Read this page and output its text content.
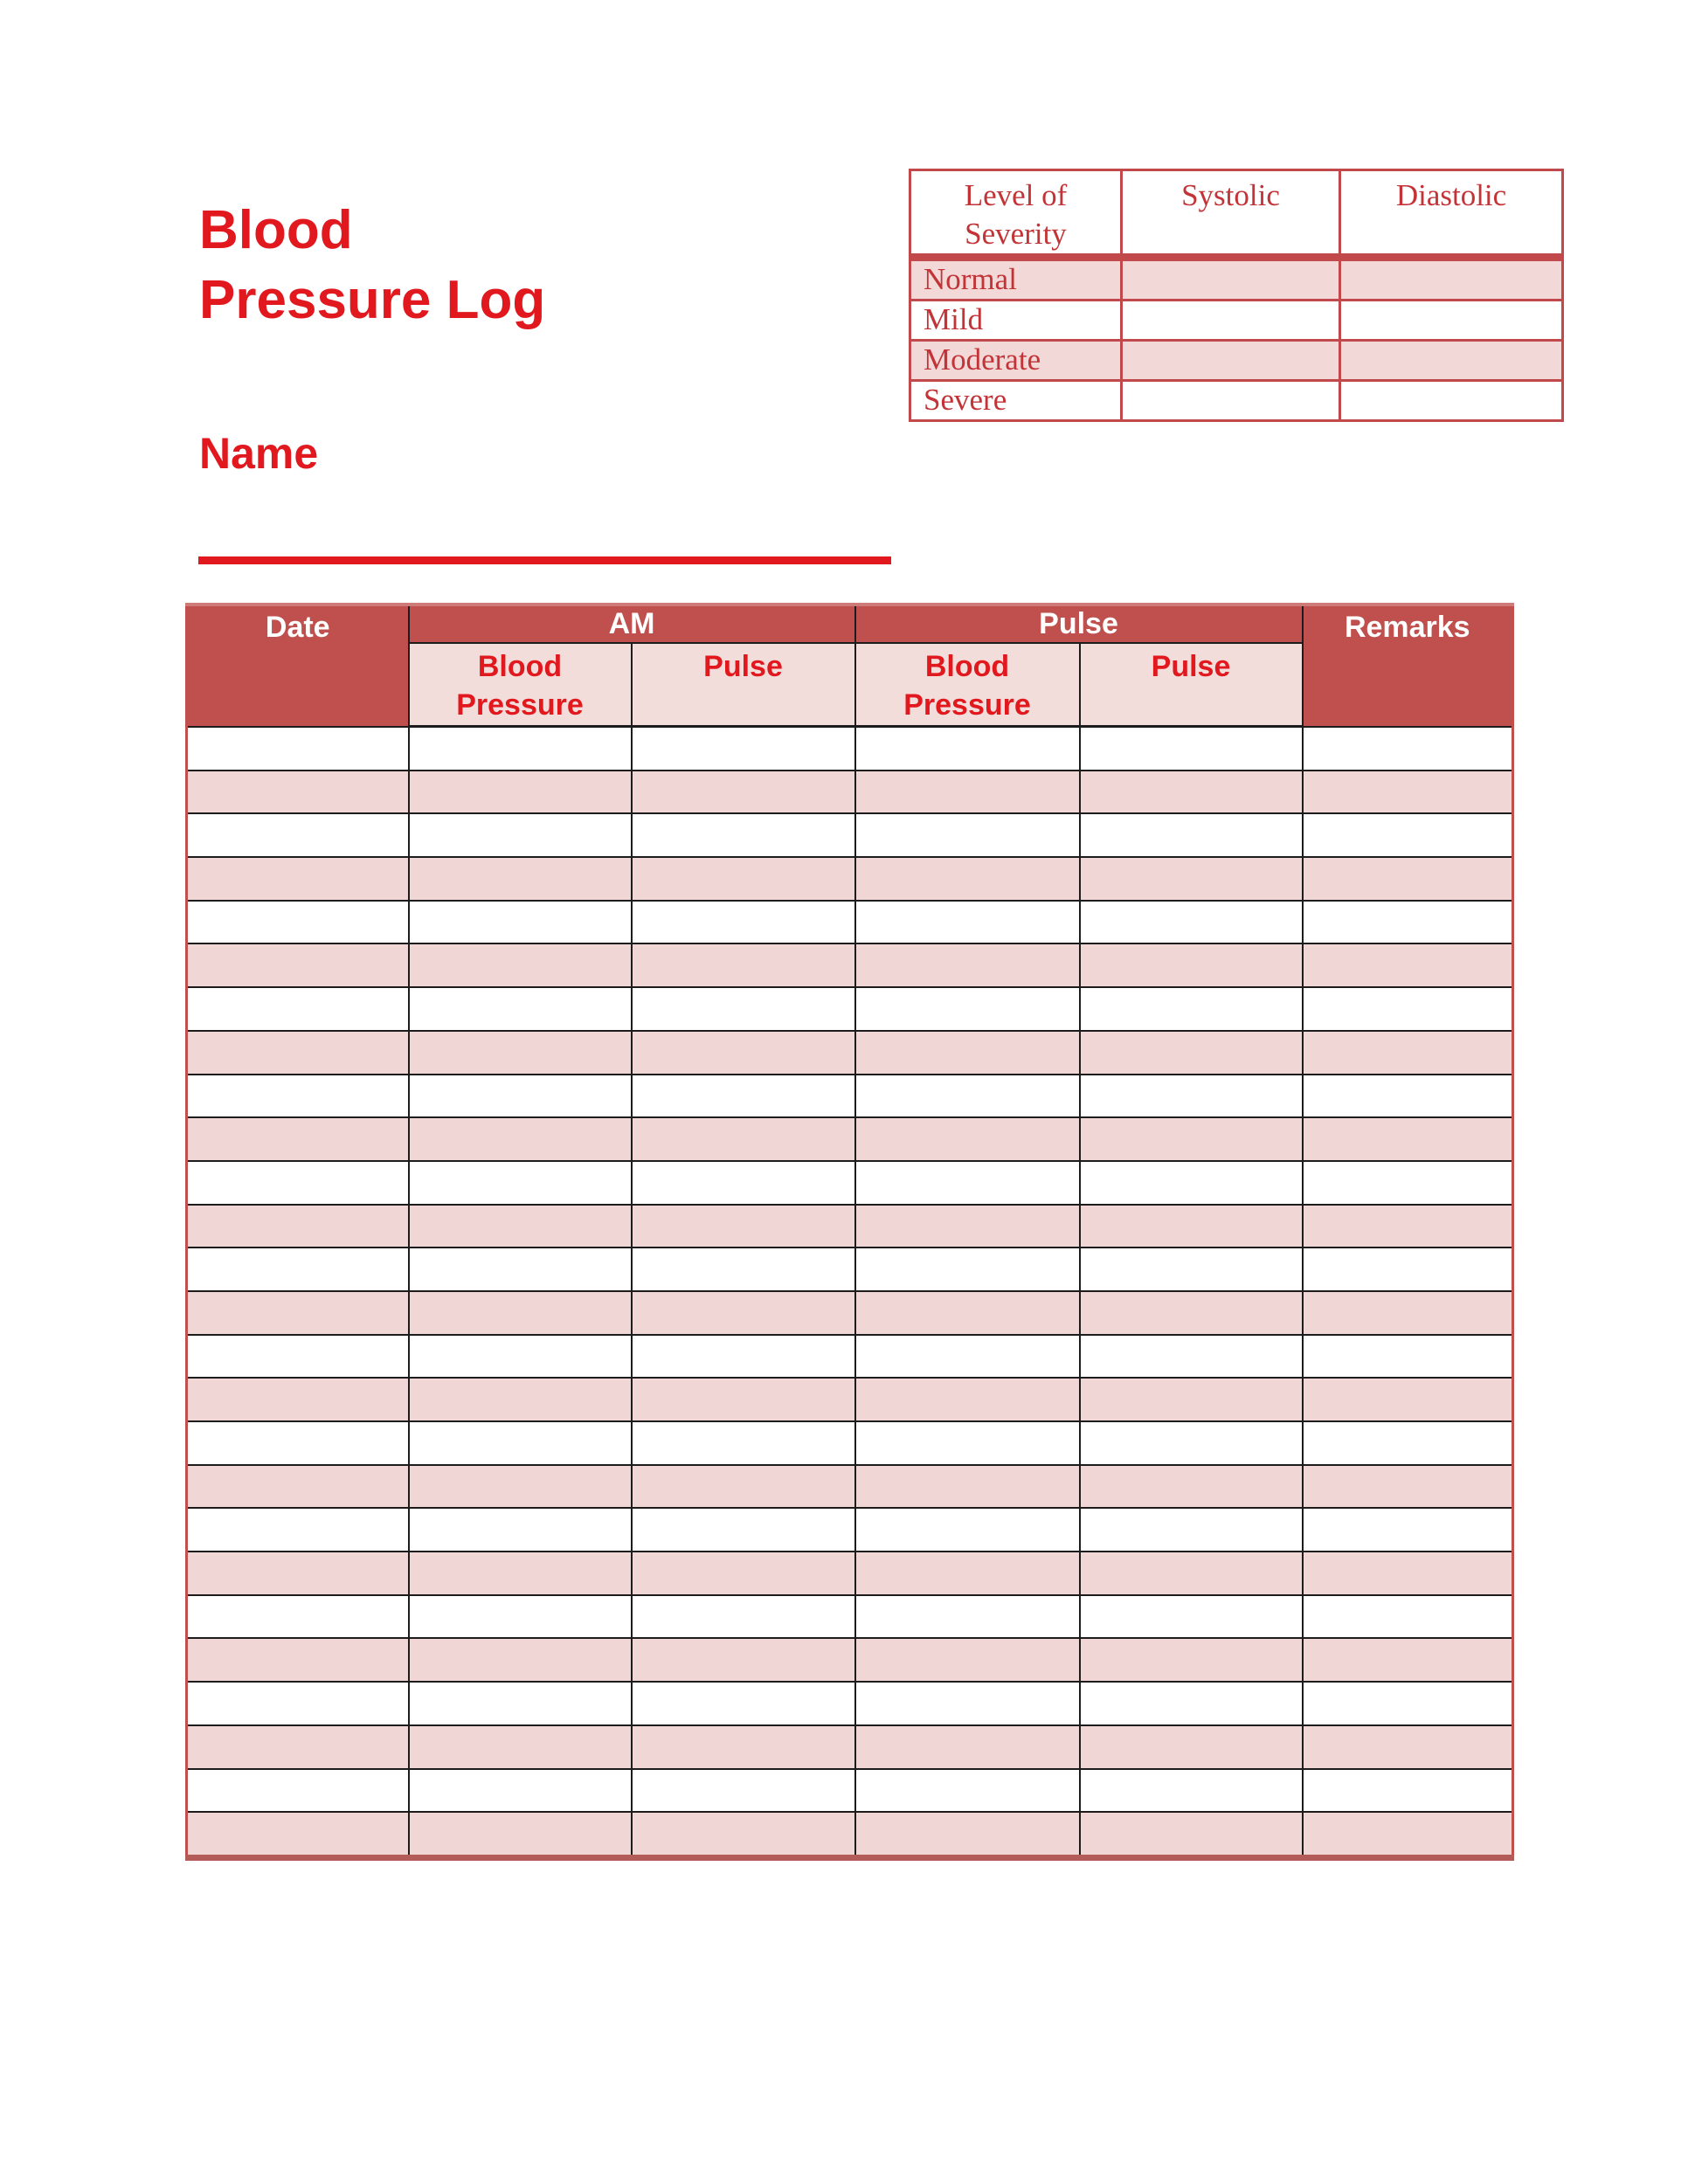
Blood
Pressure Log
Level of Severity	Systolic	Diastolic
Normal		
Mild		
Moderate		
Severe		
Name
Date	AM		Pulse		Remarks
	Blood Pressure	Pulse	Blood Pressure	Pulse	
